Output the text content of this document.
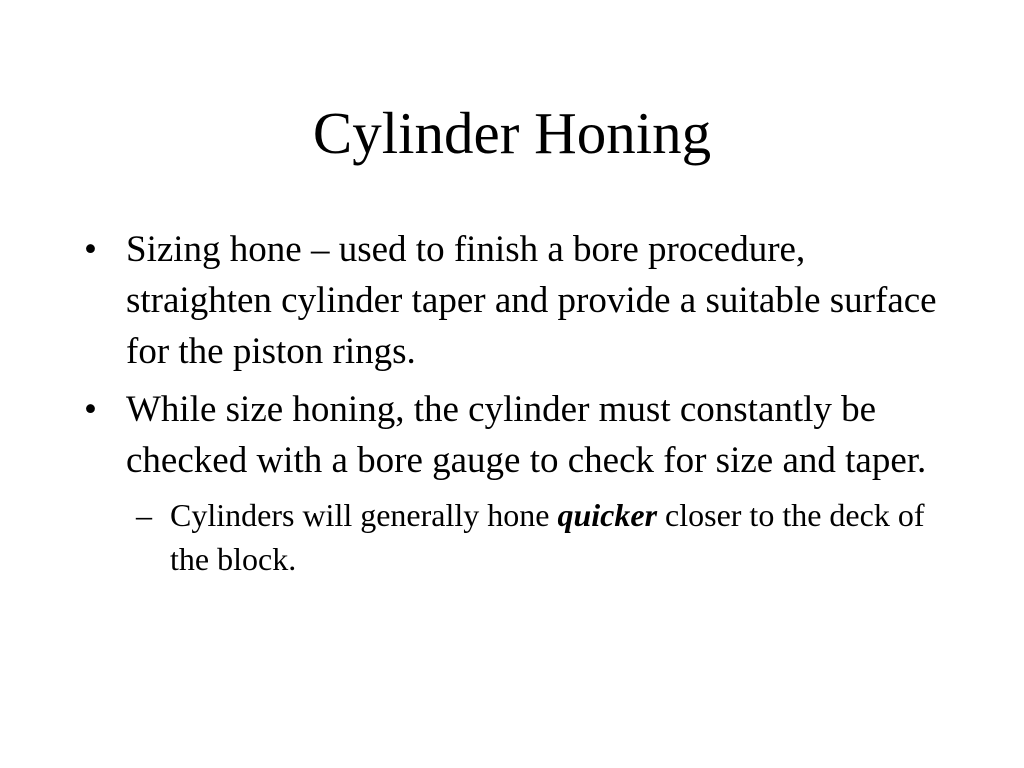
Cylinder Honing
• Sizing hone – used to finish a bore procedure, straighten cylinder taper and provide a suitable surface for the piston rings.
• While size honing, the cylinder must constantly be checked with a bore gauge to check for size and taper.
– Cylinders will generally hone quicker closer to the deck of the block.
